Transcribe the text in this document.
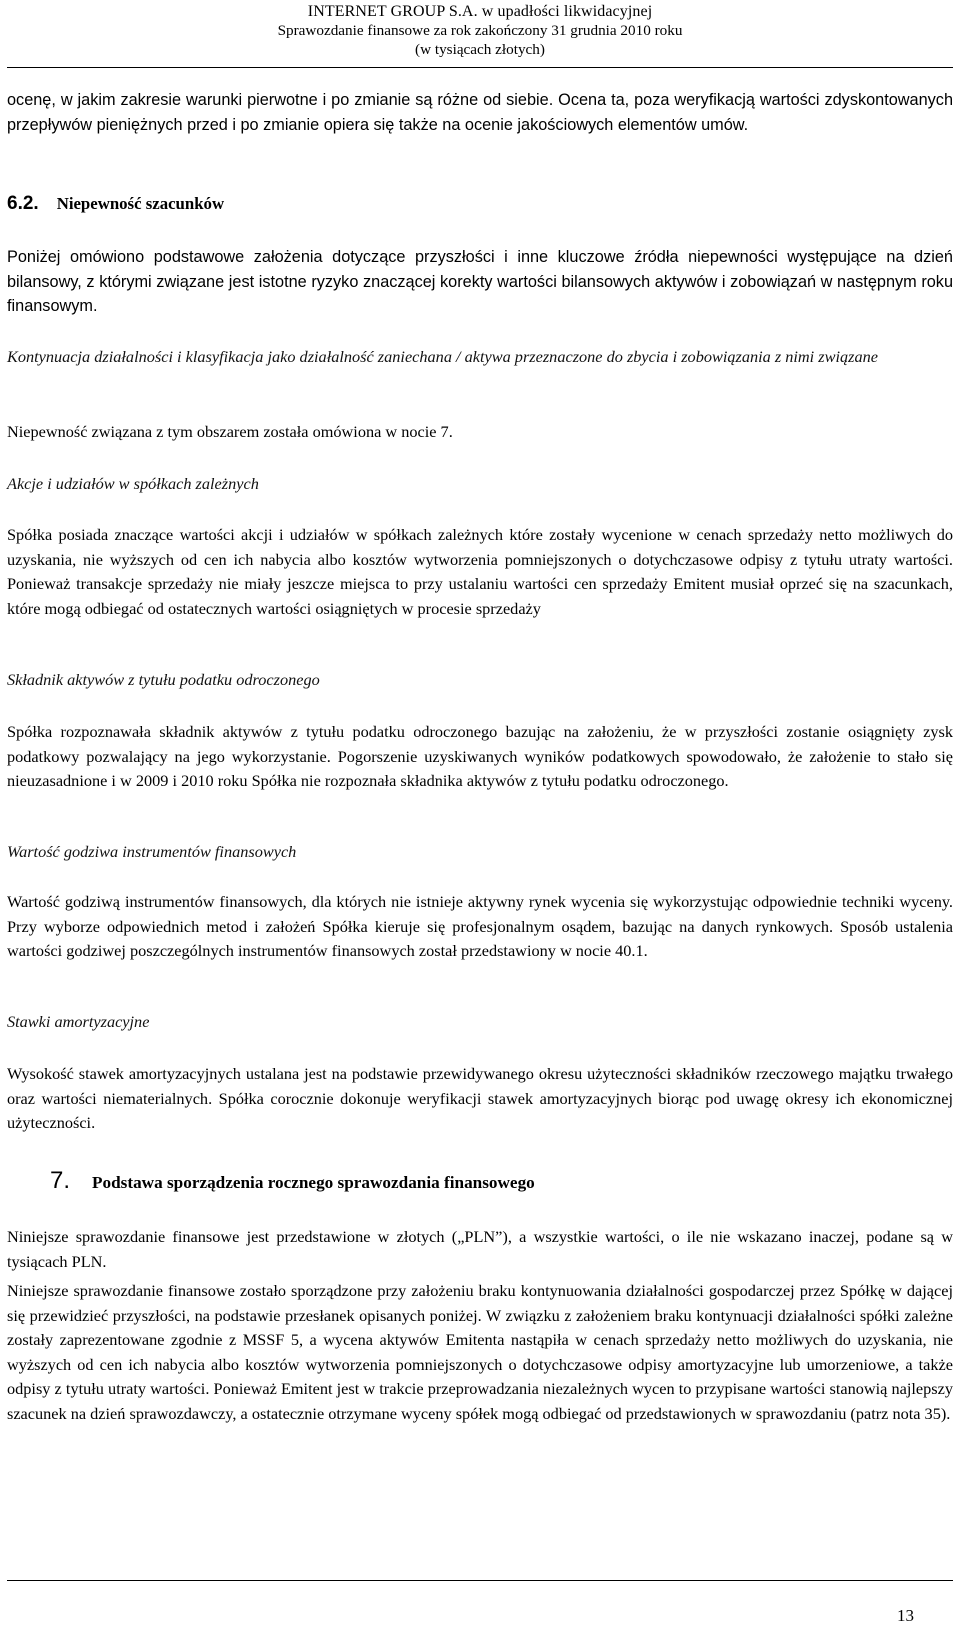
INTERNET GROUP S.A. w upadłości likwidacyjnej
Sprawozdanie finansowe za rok zakończony 31 grudnia 2010 roku
(w tysiącach złotych)

ocenę, w jakim zakresie warunki pierwotne i po zmianie są różne od siebie. Ocena ta, poza weryfikacją wartości zdyskontowanych przepływów pieniężnych przed i po zmianie opiera się także na ocenie jakościowych elementów umów.

6.2. Niepewność szacunków

Poniżej omówiono podstawowe założenia dotyczące przyszłości i inne kluczowe źródła niepewności występujące na dzień bilansowy, z którymi związane jest istotne ryzyko znaczącej korekty wartości bilansowych aktywów i zobowiązań w następnym roku finansowym.

Kontynuacja działalności i klasyfikacja jako działalność zaniechana / aktywa przeznaczone do zbycia i zobowiązania z nimi związane

Niepewność związana z tym obszarem została omówiona w nocie 7.

Akcje i udziałów w spółkach zależnych

Spółka posiada znaczące wartości akcji i udziałów w spółkach zależnych które zostały wycenione w cenach sprzedaży netto możliwych do uzyskania, nie wyższych od cen ich nabycia albo kosztów wytworzenia pomniejszonych o dotychczasowe odpisy z tytułu utraty wartości. Ponieważ transakcje sprzedaży nie miały jeszcze miejsca to przy ustalaniu wartości cen sprzedaży Emitent musiał oprzeć się na szacunkach, które mogą odbiegać od ostatecznych wartości osiągniętych w procesie sprzedaży

Składnik aktywów z tytułu podatku odroczonego

Spółka rozpoznawała składnik aktywów z tytułu podatku odroczonego bazując na założeniu, że w przyszłości zostanie osiągnięty zysk podatkowy pozwalający na jego wykorzystanie. Pogorszenie uzyskiwanych wyników podatkowych spowodowało, że założenie to stało się nieuzasadnione i w 2009 i 2010 roku Spółka nie rozpoznała składnika aktywów z tytułu podatku odroczonego.

Wartość godziwa instrumentów finansowych

Wartość godziwą instrumentów finansowych, dla których nie istnieje aktywny rynek wycenia się wykorzystując odpowiednie techniki wyceny. Przy wyborze odpowiednich metod i założeń Spółka kieruje się profesjonalnym osądem, bazując na danych rynkowych. Sposób ustalenia wartości godziwej poszczególnych instrumentów finansowych został przedstawiony w nocie 40.1.

Stawki amortyzacyjne

Wysokość stawek amortyzacyjnych ustalana jest na podstawie przewidywanego okresu użyteczności składników rzeczowego majątku trwałego oraz wartości niematerialnych. Spółka corocznie dokonuje weryfikacji stawek amortyzacyjnych biorąc pod uwagę okresy ich ekonomicznej użyteczności.

7. Podstawa sporządzenia rocznego sprawozdania finansowego

Niniejsze sprawozdanie finansowe jest przedstawione w złotych („PLN”), a wszystkie wartości, o ile nie wskazano inaczej, podane są w tysiącach PLN.

Niniejsze sprawozdanie finansowe zostało sporządzone przy założeniu braku kontynuowania działalności gospodarczej przez Spółkę w dającej się przewidzieć przyszłości, na podstawie przesłanek opisanych poniżej. W związku z założeniem braku kontynuacji działalności spółki zależne zostały zaprezentowane zgodnie z MSSF 5, a wycena aktywów Emitenta nastąpiła w cenach sprzedaży netto możliwych do uzyskania, nie wyższych od cen ich nabycia albo kosztów wytworzenia pomniejszonych o dotychczasowe odpisy amortyzacyjne lub umorzeniowe, a także odpisy z tytułu utraty wartości. Ponieważ Emitent jest w trakcie przeprowadzania niezależnych wycen to przypisane wartości stanowią najlepszy szacunek na dzień sprawozdawczy, a ostatecznie otrzymane wyceny spółek mogą odbiegać od przedstawionych w sprawozdaniu (patrz nota 35).

13
